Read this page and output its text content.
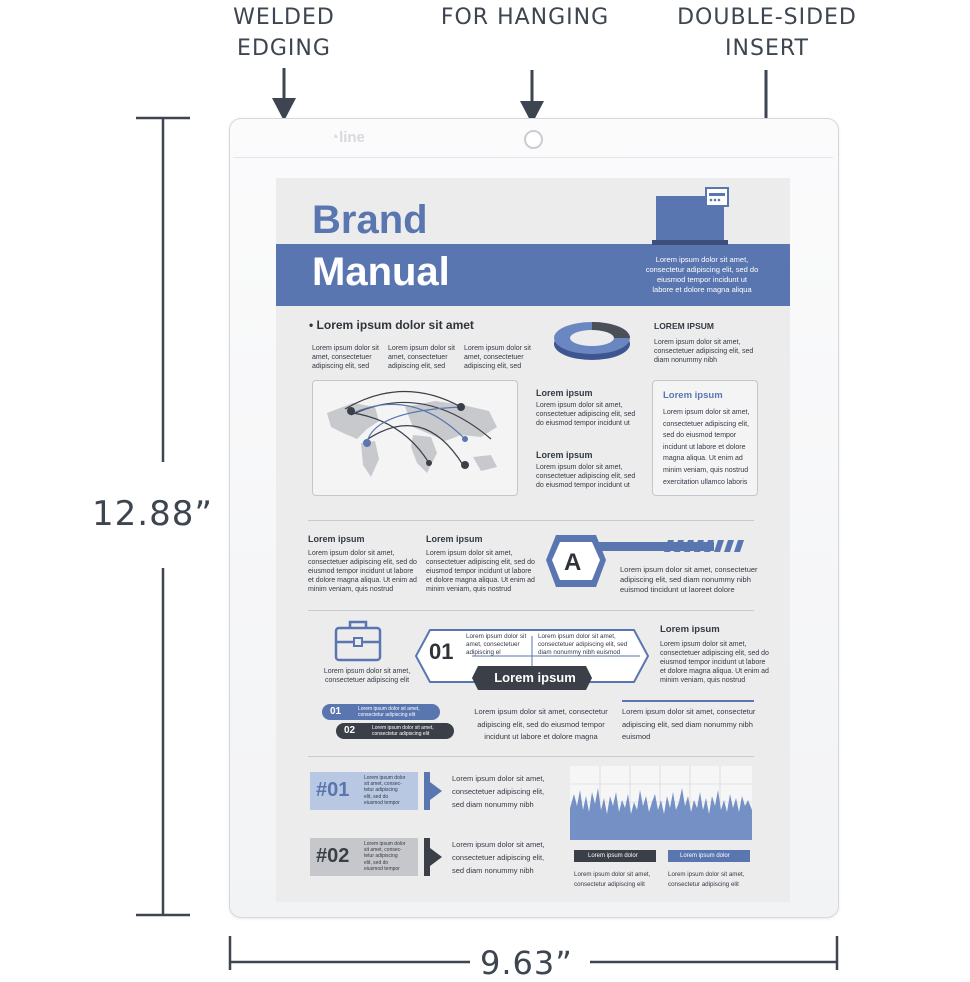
WELDED
EDGING
FOR HANGING	DOUBLE-SIDED
INSERT
12.88”
9.63”
◔line
Brand
Manual	Lorem ipsum dolor sit amet,
consectetur adipiscing elit, sed do
eiusmod tempor incidunt ut
labore et dolore magna aliqua
• Lorem ipsum dolor sit amet
Lorem ipsum dolor sit
amet, consectetuer
adipiscing elit, sed
Lorem ipsum dolor sit
amet, consectetuer
adipiscing elit, sed
Lorem ipsum dolor sit
amet, consectetuer
adipiscing elit, sed
LOREM IPSUM
Lorem ipsum dolor sit amet,
consectetuer adipiscing elit, sed
diam nonummy nibh
Lorem ipsum
Lorem ipsum dolor sit amet,
consectetuer adipiscing elit, sed
do eiusmod tempor incidunt ut
Lorem ipsum
Lorem ipsum dolor sit amet,
consectetuer adipiscing elit, sed
do eiusmod tempor incidunt ut
Lorem ipsum
Lorem ipsum dolor sit amet,
consectetuer adipiscing elit,
sed do eiusmod tempor
incidunt ut labore et dolore
magna aliqua. Ut enim ad
minim veniam, quis nostrud
exercitation ullamco laboris
Lorem ipsum
Lorem ipsum dolor sit amet,
consectetuer adipiscing elit, sed do
eiusmod tempor incidunt ut labore
et dolore magna aliqua. Ut enim ad
minim veniam, quis nostrud
Lorem ipsum
Lorem ipsum dolor sit amet,
consectetuer adipiscing elit, sed do
eiusmod tempor incidunt ut labore
et dolore magna aliqua. Ut enim ad
minim veniam, quis nostrud
A	Lorem ipsum dolor sit amet, consectetuer
adipiscing elit, sed diam nonummy nibh
euismod tincidunt ut laoreet dolore
Lorem ipsum dolor sit amet,
consectetuer adipiscing elit
01
Lorem ipsum dolor sit
amet, consectetuer
adipiscing el
Lorem ipsum dolor sit amet,
consectetuer adipiscing elit, sed
diam nonummy nibh euismod
Lorem ipsum
Lorem ipsum
Lorem ipsum dolor sit amet,
consectetuer adipiscing elit, sed do
eiusmod tempor incidunt ut labore
et dolore magna aliqua. Ut enim ad
minim veniam, quis nostrud
01	Lorem ipsum dolor sit amet,
consectetur adipiscing elit
02	Lorem ipsum dolor sit amet,
consectetur adipiscing elit
Lorem ipsum dolor sit amet, consectetur
adipiscing elit, sed do eiusmod tempor
incidunt ut labore et dolore magna
Lorem ipsum dolor sit amet, consectetur
adipiscing elit, sed diam nonummy nibh
euismod
#01
Lorem ipsum dolor
sit amet, consec-
tetur adipiscing
elit, sed do
eiusmod tempor
Lorem ipsum dolor sit amet,
consectetuer adipiscing elit,
sed diam nonummy nibh
#02
Lorem ipsum dolor
sit amet, consec-
tetur adipiscing
elit, sed do
eiusmod tempor
Lorem ipsum dolor sit amet,
consectetuer adipiscing elit,
sed diam nonummy nibh
Lorem ipsum dolor	Lorem ipsum dolor
Lorem ipsum dolor sit amet,
consectetur adipiscing elit
Lorem ipsum dolor sit amet,
consectetur adipiscing elit
